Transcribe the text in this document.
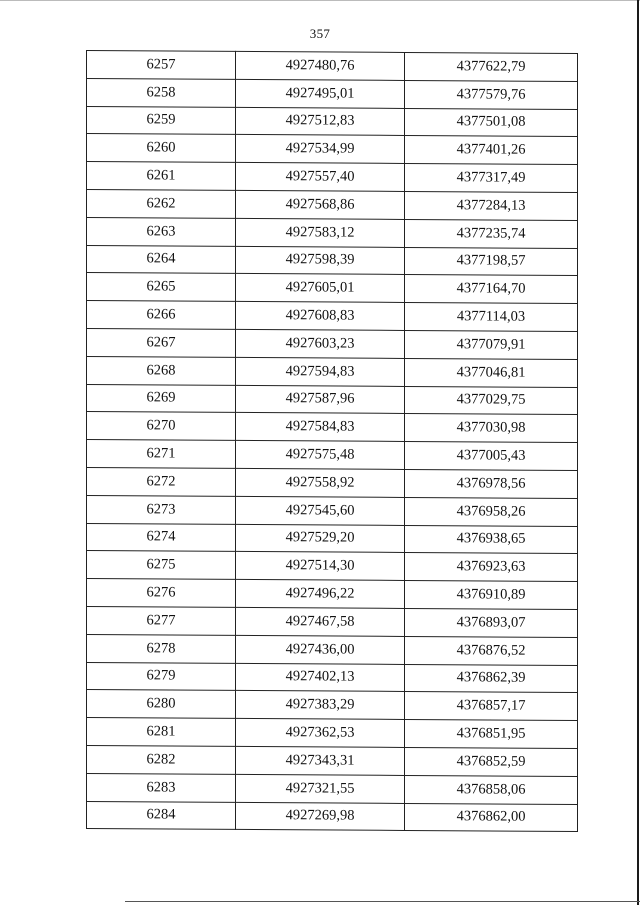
357
6257	4927480,76	4377622,79
6258	4927495,01	4377579,76
6259	4927512,83	4377501,08
6260	4927534,99	4377401,26
6261	4927557,40	4377317,49
6262	4927568,86	4377284,13
6263	4927583,12	4377235,74
6264	4927598,39	4377198,57
6265	4927605,01	4377164,70
6266	4927608,83	4377114,03
6267	4927603,23	4377079,91
6268	4927594,83	4377046,81
6269	4927587,96	4377029,75
6270	4927584,83	4377030,98
6271	4927575,48	4377005,43
6272	4927558,92	4376978,56
6273	4927545,60	4376958,26
6274	4927529,20	4376938,65
6275	4927514,30	4376923,63
6276	4927496,22	4376910,89
6277	4927467,58	4376893,07
6278	4927436,00	4376876,52
6279	4927402,13	4376862,39
6280	4927383,29	4376857,17
6281	4927362,53	4376851,95
6282	4927343,31	4376852,59
6283	4927321,55	4376858,06
6284	4927269,98	4376862,00
